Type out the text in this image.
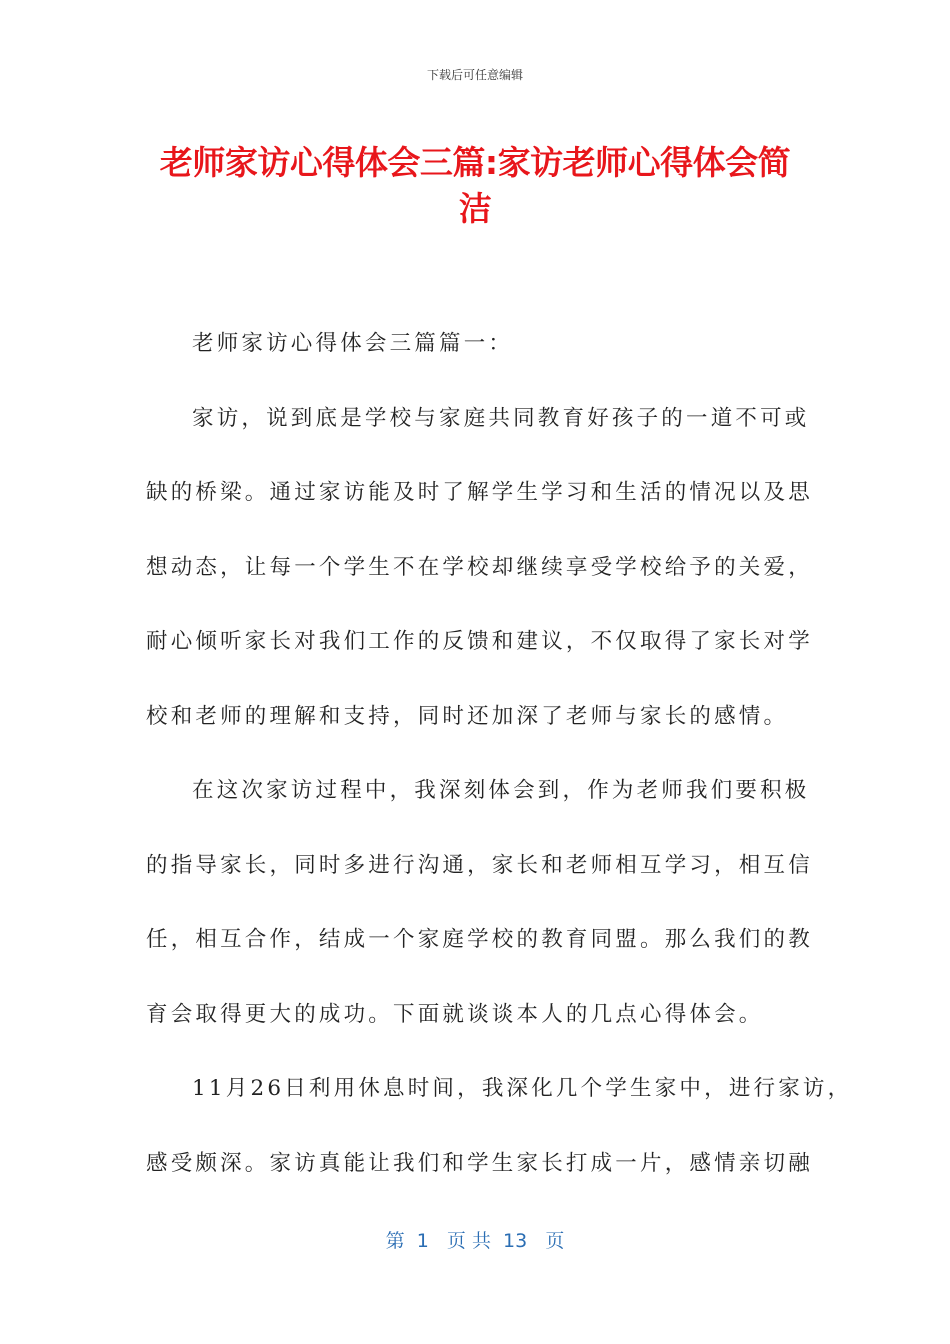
下载后可任意编辑
老师家访心得体会三篇:家访老师心得体会简
洁
老师家访心得体会三篇篇一：
家访，说到底是学校与家庭共同教育好孩子的一道不可或
缺的桥梁。通过家访能及时了解学生学习和生活的情况以及思
想动态，让每一个学生不在学校却继续享受学校给予的关爱，
耐心倾听家长对我们工作的反馈和建议，不仅取得了家长对学
校和老师的理解和支持，同时还加深了老师与家长的感情。
在这次家访过程中，我深刻体会到，作为老师我们要积极
的指导家长，同时多进行沟通，家长和老师相互学习，相互信
任，相互合作，结成一个家庭学校的教育同盟。那么我们的教
育会取得更大的成功。下面就谈谈本人的几点心得体会。
11月26日利用休息时间，我深化几个学生家中，进行家访，
感受颇深。家访真能让我们和学生家长打成一片，感情亲切融
第  1   页 共  13   页
